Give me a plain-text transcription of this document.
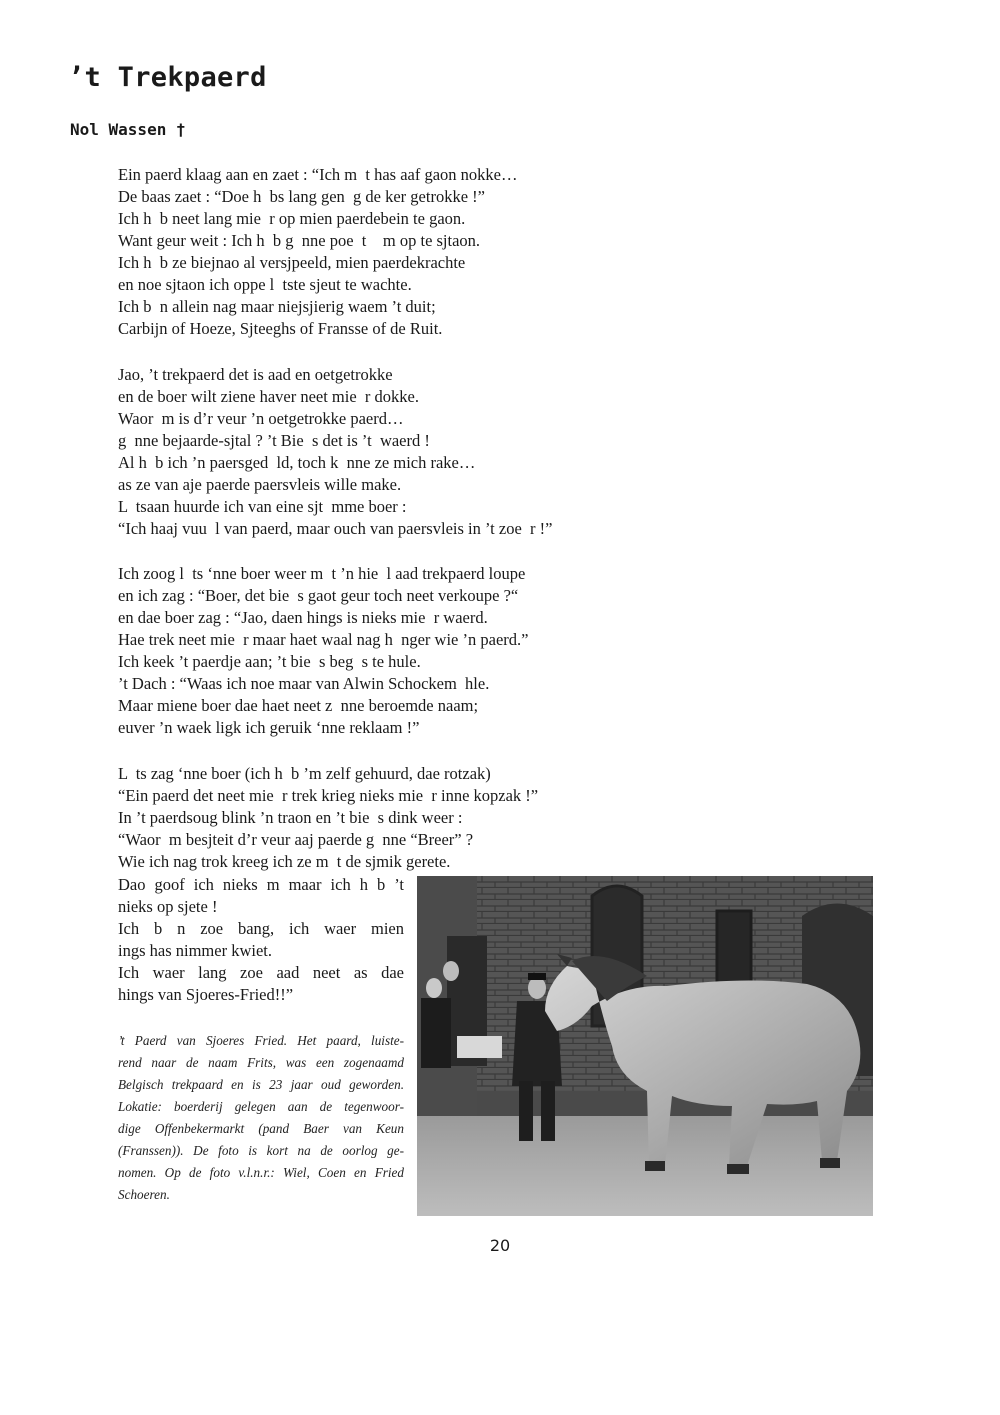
’t Trekpaerd
Nol Wassen †
Ein paerd klaag aan en zaet : “Ich m  t has aaf gaon nokke…
De baas zaet : “Doe h  bs lang gen  g de ker getrokke !”
Ich h  b neet lang mie  r op mien paerdebein te gaon.
Want geur weit : Ich h  b g  nne poe  t    m op te sjtaon.
Ich h  b ze biejnao al versjpeeld, mien paerdekrachte
en noe sjtaon ich oppe l  tste sjeut te wachte.
Ich b  n allein nag maar niejsjierig waem ’t duit;
Carbijn of Hoeze, Sjteeghs of Fransse of de Ruit.
Jao, ’t trekpaerd det is aad en oetgetrokke
en de boer wilt ziene haver neet mie  r dokke.
Waor  m is d’r veur ’n oetgetrokke paerd…
g  nne bejaarde-sjtal ? ’t Bie  s det is ’t  waerd !
Al h  b ich ’n paersged  ld, toch k  nne ze mich rake…
as ze van aje paerde paersvleis wille make.
L  tsaan huurde ich van eine sjt  mme boer :
“Ich haaj vuu  l van paerd, maar ouch van paersvleis in ’t zoe  r !”
Ich zoog l  ts ‘nne boer weer m  t ’n hie  l aad trekpaerd loupe
en ich zag : “Boer, det bie  s gaot geur toch neet verkoupe ?“
en dae boer zag : “Jao, daen hings is nieks mie  r waerd.
Hae trek neet mie  r maar haet waal nag h  nger wie ’n paerd.”
Ich keek ’t paerdje aan; ’t bie  s beg  s te hule.
’t Dach : “Waas ich noe maar van Alwin Schockem  hle.
Maar miene boer dae haet neet z  nne beroemde naam;
euver ’n waek ligk ich geruik ‘nne reklaam !”
L  ts zag ‘nne boer (ich h  b ’m zelf gehuurd, dae rotzak)
“Ein paerd det neet mie  r trek krieg nieks mie  r inne kopzak !”
In ’t paerdsoug blink ’n traon en ’t bie  s dink weer :
“Waor  m besjteit d’r veur aaj paerde g  nne “Breer” ?
Wie ich nag trok kreeg ich ze m  t de sjmik gerete.
Dao goof ich nieks m maar ich h b ’t
nieks op sjete !
Ich b n zoe bang, ich waer mien
ings has nimmer kwiet.
Ich waer lang zoe aad neet as dae
hings van Sjoeres-Fried!!”
’t Paerd van Sjoeres Fried. Het paard, luiste-
rend naar de naam Frits, was een zogenaamd
Belgisch trekpaard en is 23 jaar oud geworden.
Lokatie: boerderij gelegen aan de tegenwoor-
dige Offenbekermarkt (pand Baer van Keun
(Franssen)). De foto is kort na de oorlog ge-
nomen. Op de foto v.l.n.r.: Wiel, Coen en Fried
Schoeren.
20
